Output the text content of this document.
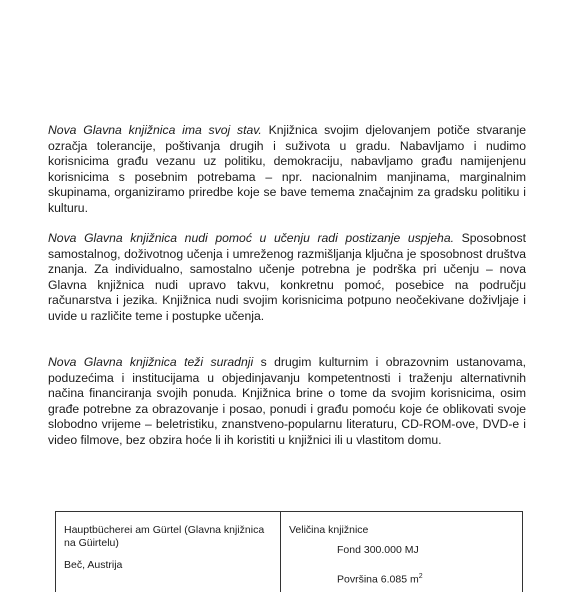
Nova Glavna knjižnica ima svoj stav. Knjižnica svojim djelovanjem potiče stvaranje ozračja tolerancije, poštivanja drugih i suživota u gradu. Nabavljamo i nudimo korisnicima građu vezanu uz politiku, demokraciju, nabavljamo građu namijenjenu korisnicima s posebnim potrebama – npr. nacionalnim manjinama, marginalnim skupinama, organiziramo priredbe koje se bave temema značajnim za gradsku politiku i kulturu.

Nova Glavna knjižnica nudi pomoć u učenju radi postizanje uspjeha. Sposobnost samostalnog, doživotnog učenja i umreženog razmišljanja ključna je sposobnost društva znanja. Za individualno, samostalno učenje potrebna je podrška pri učenju – nova Glavna knjižnica nudi upravo takvu, konkretnu pomoć, posebice na području računarstva i jezika. Knjižnica nudi svojim korisnicima potpuno neočekivane doživljaje i uvide u različite teme i postupke učenja.

Nova Glavna knjižnica teži suradnji s drugim kulturnim i obrazovnim ustanovama, poduzećima i institucijama u objedinjavanju kompetentnosti i traženju alternativnih načina financiranja svojih ponuda. Knjižnica brine o tome da svojim korisnicima, osim građe potrebne za obrazovanje i posao, ponudi i građu pomoću koje će oblikovati svoje slobodno vrijeme – beletristiku, znanstveno-popularnu literaturu, CD-ROM-ove, DVD-e i video filmove, bez obzira hoće li ih koristiti u knjižnici ili u vlastitom domu.

Hauptbücherei am Gürtel (Glavna knjižnica na Güirtelu)

Beč, Austrija

Veličina knjižnice

Fond 300.000 MJ

Površina 6.085 $m^2$
